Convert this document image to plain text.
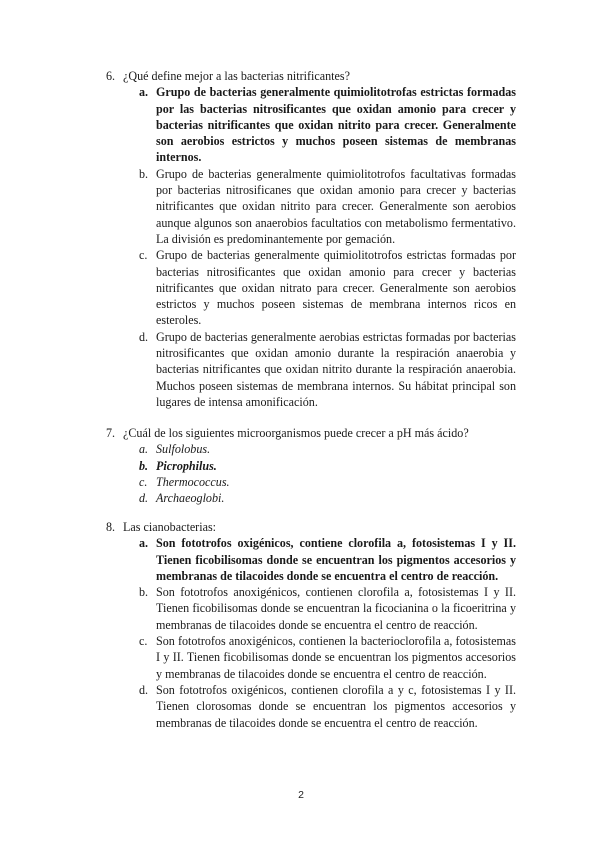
6. ¿Qué define mejor a las bacterias nitrificantes?
a. Grupo de bacterias generalmente quimiolitotrofas estrictas formadas por las bacterias nitrosificantes que oxidan amonio para crecer y bacterias nitrificantes que oxidan nitrito para crecer. Generalmente son aerobios estrictos y muchos poseen sistemas de membranas internos.
b. Grupo de bacterias generalmente quimiolitotrofos facultativas formadas por bacterias nitrosificanes que oxidan amonio para crecer y bacterias nitrificantes que oxidan nitrito para crecer. Generalmente son aerobios aunque algunos son anaerobios facultatios con metabolismo fermentativo. La división es predominantemente por gemación.
c. Grupo de bacterias generalmente quimiolitotrofos estrictas formadas por bacterias nitrosificantes que oxidan amonio para crecer y bacterias nitrificantes que oxidan nitrato para crecer. Generalmente son aerobios estrictos y muchos poseen sistemas de membrana internos ricos en esteroles.
d. Grupo de bacterias generalmente aerobias estrictas formadas por bacterias nitrosificantes que oxidan amonio durante la respiración anaerobia y bacterias nitrificantes que oxidan nitrito durante la respiración anaerobia. Muchos poseen sistemas de membrana internos. Su hábitat principal son lugares de intensa amonificación.
7. ¿Cuál de los siguientes microorganismos puede crecer a pH más ácido?
a. Sulfolobus.
b. Picrophilus.
c. Thermococcus.
d. Archaeoglobi.
8. Las cianobacterias:
a. Son fototrofos oxigénicos, contiene clorofila a, fotosistemas I y II. Tienen ficobilisomas donde se encuentran los pigmentos accesorios y membranas de tilacoides donde se encuentra el centro de reacción.
b. Son fototrofos anoxigénicos, contienen clorofila a, fotosistemas I y II. Tienen ficobilisomas donde se encuentran la ficocianina o la ficoeritrina y membranas de tilacoides donde se encuentra el centro de reacción.
c. Son fototrofos anoxigénicos, contienen la bacterioclorofila a, fotosistemas I y II. Tienen ficobilisomas donde se encuentran los pigmentos accesorios y membranas de tilacoides donde se encuentra el centro de reacción.
d. Son fototrofos oxigénicos, contienen clorofila a y c, fotosistemas I y II. Tienen clorosomas donde se encuentran los pigmentos accesorios y membranas de tilacoides donde se encuentra el centro de reacción.
2
